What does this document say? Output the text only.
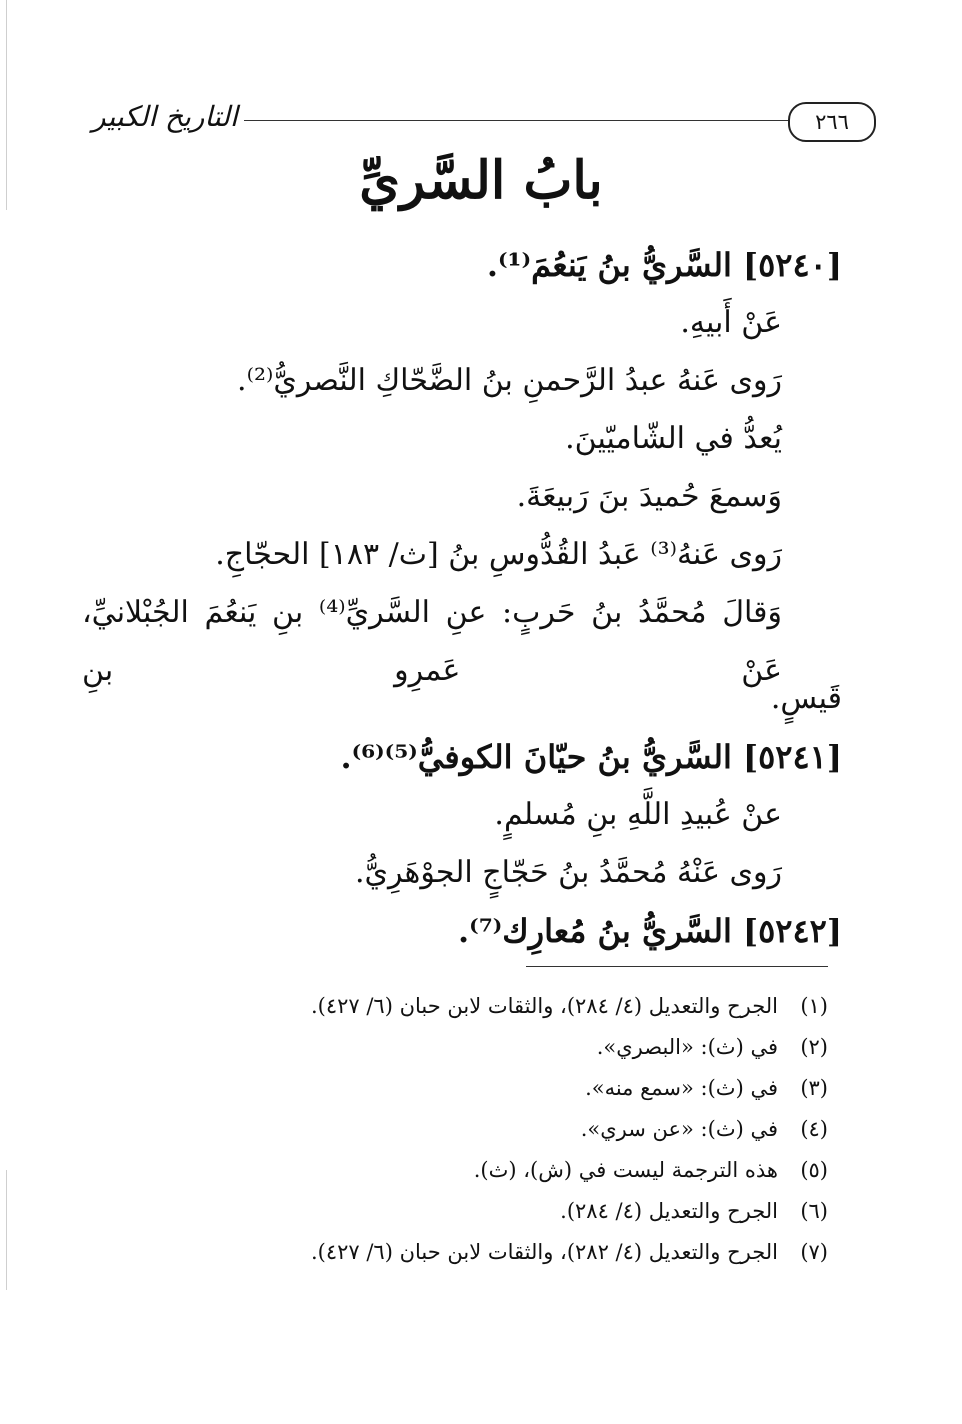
٢٦٦
التاريخ الكبير
بابُ السَّريِّ
[٥٢٤٠] السَّريُّ بنُ يَنعُمَ⁽¹⁾.
عَنْ أَبيهِ.
رَوى عَنهُ عبدُ الرَّحمنِ بنُ الضَّحّاكِ النَّصريُّ⁽²⁾.
يُعدُّ في الشّاميّينَ.
وَسمعَ حُميدَ بنَ رَبيعَةَ.
رَوى عَنهُ⁽³⁾ عَبدُ القُدُّوسِ بنُ [ث/ ١٨٣] الحجّاجِ.
وَقالَ مُحمَّدُ بنُ حَربٍ: عنِ السَّريِّ⁽⁴⁾ بنِ يَنعُمَ الجُبْلانيِّ، عَنْ عَمرِو بنِ
قَيسٍ.
[٥٢٤١] السَّريُّ بنُ حيّانَ الكوفيُّ⁽⁵⁾⁽⁶⁾.
عنْ عُبيدِ اللَّهِ بنِ مُسلمٍ.
رَوى عَنْهُ مُحمَّدُ بنُ حَجّاجٍ الجوْهَرِيُّ.
[٥٢٤٢] السَّريُّ بنُ مُعارِك⁽⁷⁾.
(١)الجرح والتعديل (٤/ ٢٨٤)، والثقات لابن حبان (٦/ ٤٢٧).
(٢)في (ث): «البصري».
(٣)في (ث): «سمع منه».
(٤)في (ث): «عن سري».
(٥)هذه الترجمة ليست في (ش)، (ث).
(٦)الجرح والتعديل (٤/ ٢٨٤).
(٧)الجرح والتعديل (٤/ ٢٨٢)، والثقات لابن حبان (٦/ ٤٢٧).
